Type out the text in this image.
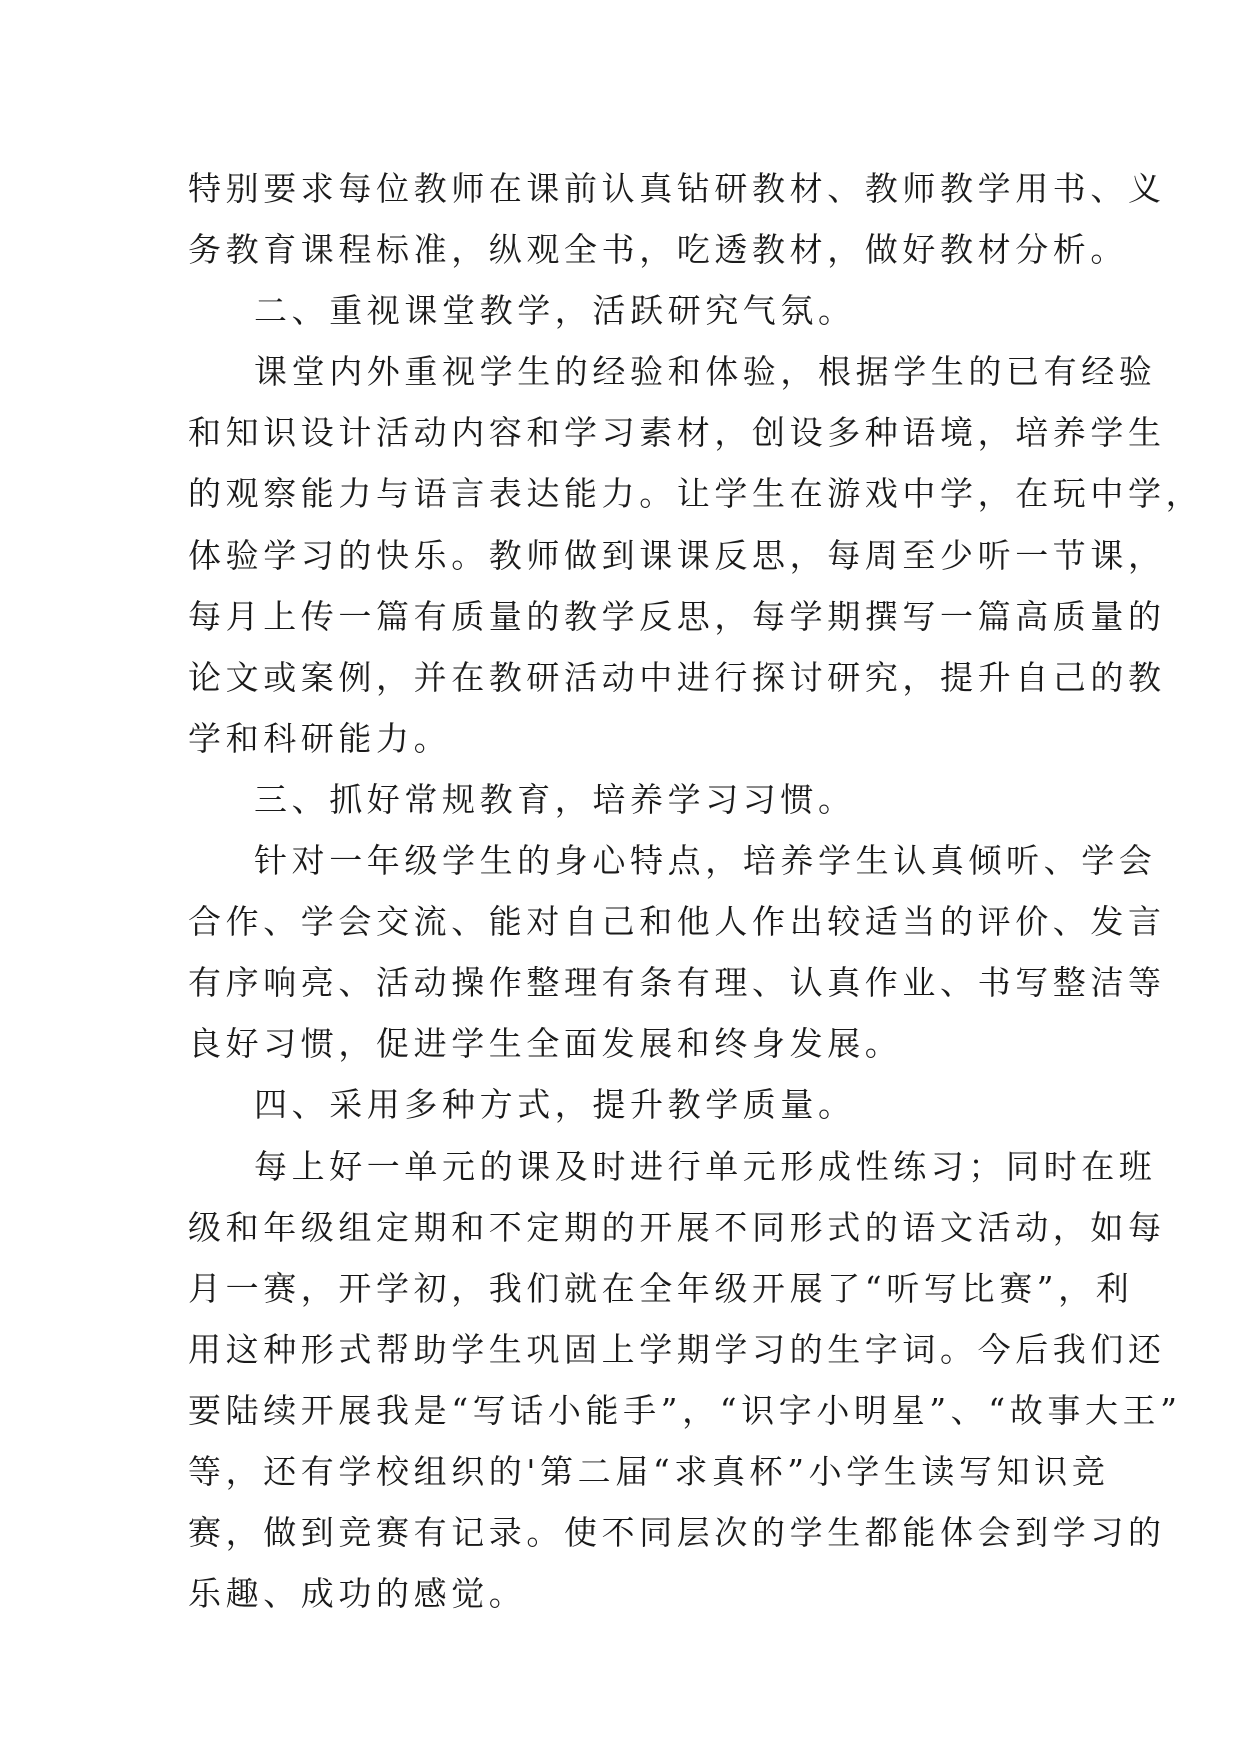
特别要求每位教师在课前认真钻研教材、教师教学用书、义
务教育课程标准，纵观全书，吃透教材，做好教材分析。
二、重视课堂教学，活跃研究气氛。
课堂内外重视学生的经验和体验，根据学生的已有经验
和知识设计活动内容和学习素材，创设多种语境，培养学生
的观察能力与语言表达能力。让学生在游戏中学，在玩中学，
体验学习的快乐。教师做到课课反思，每周至少听一节课，
每月上传一篇有质量的教学反思，每学期撰写一篇高质量的
论文或案例，并在教研活动中进行探讨研究，提升自己的教
学和科研能力。
三、抓好常规教育，培养学习习惯。
针对一年级学生的身心特点，培养学生认真倾听、学会
合作、学会交流、能对自己和他人作出较适当的评价、发言
有序响亮、活动操作整理有条有理、认真作业、书写整洁等
良好习惯，促进学生全面发展和终身发展。
四、采用多种方式，提升教学质量。
每上好一单元的课及时进行单元形成性练习；同时在班
级和年级组定期和不定期的开展不同形式的语文活动，如每
月一赛，开学初，我们就在全年级开展了“听写比赛”，利
用这种形式帮助学生巩固上学期学习的生字词。今后我们还
要陆续开展我是“写话小能手”，“识字小明星”、“故事大王”
等，还有学校组织的'第二届“求真杯”小学生读写知识竞
赛，做到竞赛有记录。使不同层次的学生都能体会到学习的
乐趣、成功的感觉。
